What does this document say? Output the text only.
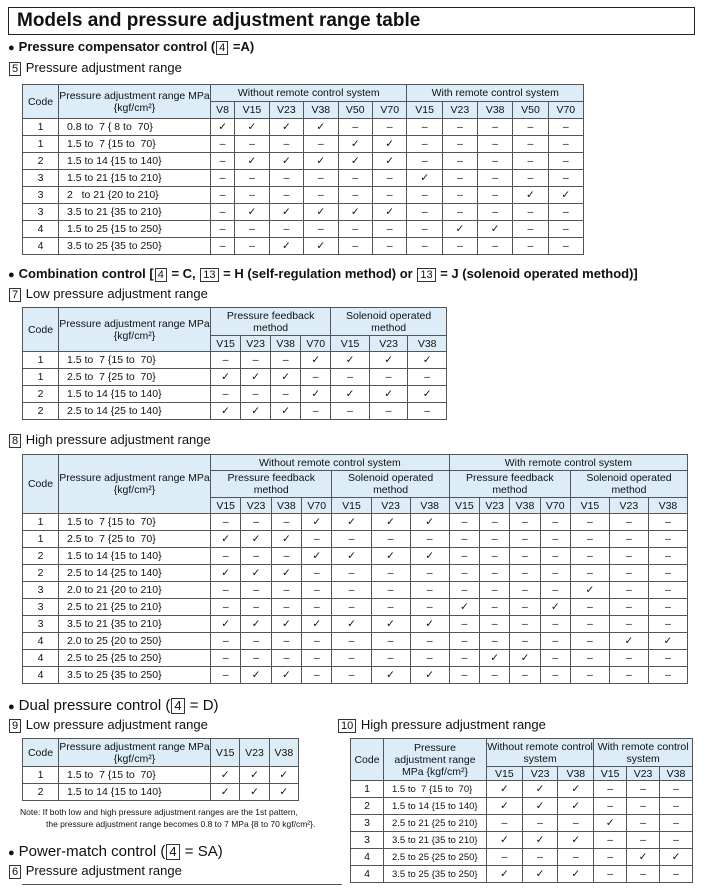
Models and pressure adjustment range table
● Pressure compensator control ( 4 =A)
5 Pressure adjustment range
Code	Pressure adjustment range MPa {kgf/cm²}	Without remote control system						With remote control system				
		V8	V15	V23	V38	V50	V70	V15	V23	V38	V50	V70
1	0.8 to  7 { 8 to  70}	✓	✓	✓	✓	–	–	–	–	–	–	–
1	1.5 to  7 {15 to  70}	–	–	–	–	✓	✓	–	–	–	–	–
2	1.5 to 14 {15 to 140}	–	✓	✓	✓	✓	✓	–	–	–	–	–
3	1.5 to 21 {15 to 210}	–	–	–	–	–	–	✓	–	–	–	–
3	2   to 21 {20 to 210}	–	–	–	–	–	–	–	–	–	✓	✓
3	3.5 to 21 {35 to 210}	–	✓	✓	✓	✓	✓	–	–	–	–	–
4	1.5 to 25 {15 to 250}	–	–	–	–	–	–	–	✓	✓	–	–
4	3.5 to 25 {35 to 250}	–	–	✓	✓	–	–	–	–	–	–	–
● Combination control [ 4 = C, 13 = H (self-regulation method) or 13 = J (solenoid operated method)]
7 Low pressure adjustment range
Code	Pressure adjustment range MPa {kgf/cm²}	Pressure feedback method				Solenoid operated method		
		V15	V23	V38	V70	V15	V23	V38
1	1.5 to  7 {15 to  70}	–	–	–	✓	✓	✓	✓
1	2.5 to  7 {25 to  70}	✓	✓	✓	–	–	–	–
2	1.5 to 14 {15 to 140}	–	–	–	✓	✓	✓	✓
2	2.5 to 14 {25 to 140}	✓	✓	✓	–	–	–	–
8 High pressure adjustment range
Code	Pressure adjustment range MPa {kgf/cm²}	Without remote control system							With remote control system						
		Pressure feedback method				Solenoid operated method			Pressure feedback method				Solenoid operated method		
		V15	V23	V38	V70	V15	V23	V38	V15	V23	V38	V70	V15	V23	V38
1	1.5 to  7 {15 to  70}	–	–	–	✓	✓	✓	✓	–	–	–	–	–	–	–
1	2.5 to  7 {25 to  70}	✓	✓	✓	–	–	–	–	–	–	–	–	–	–	–
2	1.5 to 14 {15 to 140}	–	–	–	✓	✓	✓	✓	–	–	–	–	–	–	–
2	2.5 to 14 {25 to 140}	✓	✓	✓	–	–	–	–	–	–	–	–	–	–	–
3	2.0 to 21 {20 to 210}	–	–	–	–	–	–	–	–	–	–	–	✓	–	–
3	2.5 to 21 {25 to 210}	–	–	–	–	–	–	–	✓	–	–	✓	–	–	–
3	3.5 to 21 {35 to 210}	✓	✓	✓	✓	✓	✓	✓	–	–	–	–	–	–	–
4	2.0 to 25 {20 to 250}	–	–	–	–	–	–	–	–	–	–	–	–	✓	✓
4	2.5 to 25 {25 to 250}	–	–	–	–	–	–	–	–	✓	✓	–	–	–	–
4	3.5 to 25 {35 to 250}	–	✓	✓	–	–	✓	✓	–	–	–	–	–	–	–
● Dual pressure control ( 4 = D)
9 Low pressure adjustment range
Code	Pressure adjustment range MPa {kgf/cm²}	V15	V23	V38
1	1.5 to  7 {15 to  70}	✓	✓	✓
2	1.5 to 14 {15 to 140}	✓	✓	✓
Note: If both low and high pressure adjustment ranges are the 1st pattern,
the pressure adjustment range becomes 0.8 to 7 MPa {8 to 70 kgf/cm²}.
10 High pressure adjustment range
Code	Pressure adjustment range MPa {kgf/cm²}	Without remote control system			With remote control system		
		V15	V23	V38	V15	V23	V38
1	1.5 to  7 {15 to  70}	✓	✓	✓	–	–	–
2	1.5 to 14 {15 to 140}	✓	✓	✓	–	–	–
3	2.5 to 21 {25 to 210}	–	–	–	✓	–	–
3	3.5 to 21 {35 to 210}	✓	✓	✓	–	–	–
4	2.5 to 25 {25 to 250}	–	–	–	–	✓	✓
4	3.5 to 25 {35 to 250}	✓	✓	✓	–	–	–
● Power-match control ( 4 = SA)
6 Pressure adjustment range
